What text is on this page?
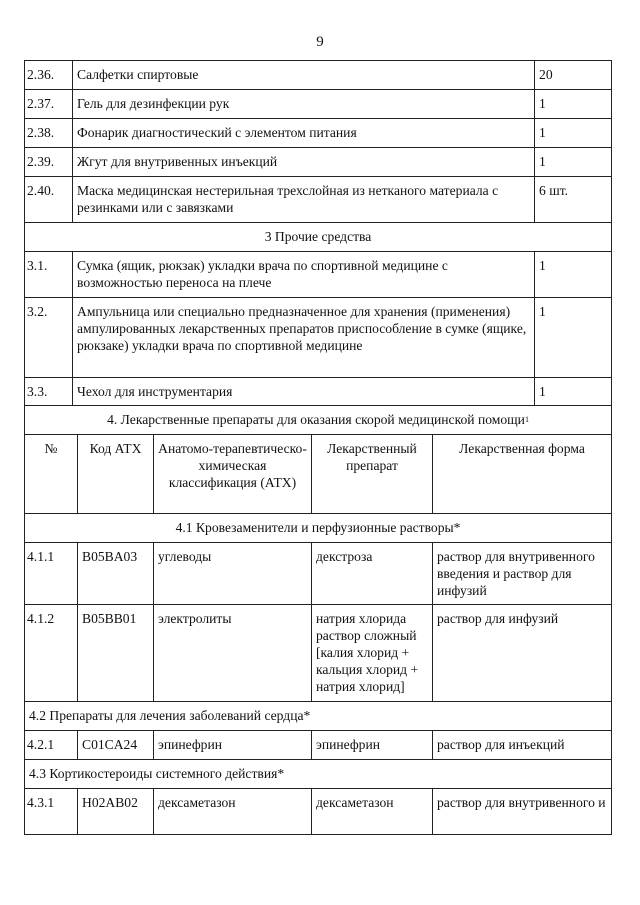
9
2.36.	Салфетки спиртовые					20
2.37.	Гель для дезинфекции рук					1
2.38.	Фонарик диагностический с элементом питания					1
2.39.	Жгут для внутривенных инъекций					1
2.40.	Маска медицинская нестерильная трехслойная из нетканого материала с резинками или с завязками					6 шт.
3 Прочие средства						
3.1.	Сумка (ящик, рюкзак) укладки врача по спортивной медицине с возможностью переноса на плече					1
3.2.	Ампульница или специально предназначенное для хранения (применения) ампулированных лекарственных препаратов приспособление в сумке (ящике, рюкзаке) укладки врача по спортивной медицине					1
3.3.	Чехол для инструментария					1
4. Лекарственные препараты для оказания скорой медицинской помощи$^1$
№		Код АТХ	Анатомо-терапевтическо-химическая классификация (АТХ)	Лекарственный препарат	Лекарственная форма	
4.1 Кровезаменители и перфузионные растворы*						
4.1.1		B05BA03	углеводы	декстроза	раствор для внутривенного введения и раствор для инфузий	
4.1.2		B05BB01	электролиты	натрия хлорида раствор сложный [калия хлорид + кальция хлорид + натрия хлорид]	раствор для инфузий	
4.2 Препараты для лечения заболеваний сердца*						
4.2.1		C01CA24	эпинефрин	эпинефрин	раствор для инъекций	
4.3 Кортикостероиды системного действия*						
4.3.1		H02AB02	дексаметазон	дексаметазон	раствор для внутривенного и	
